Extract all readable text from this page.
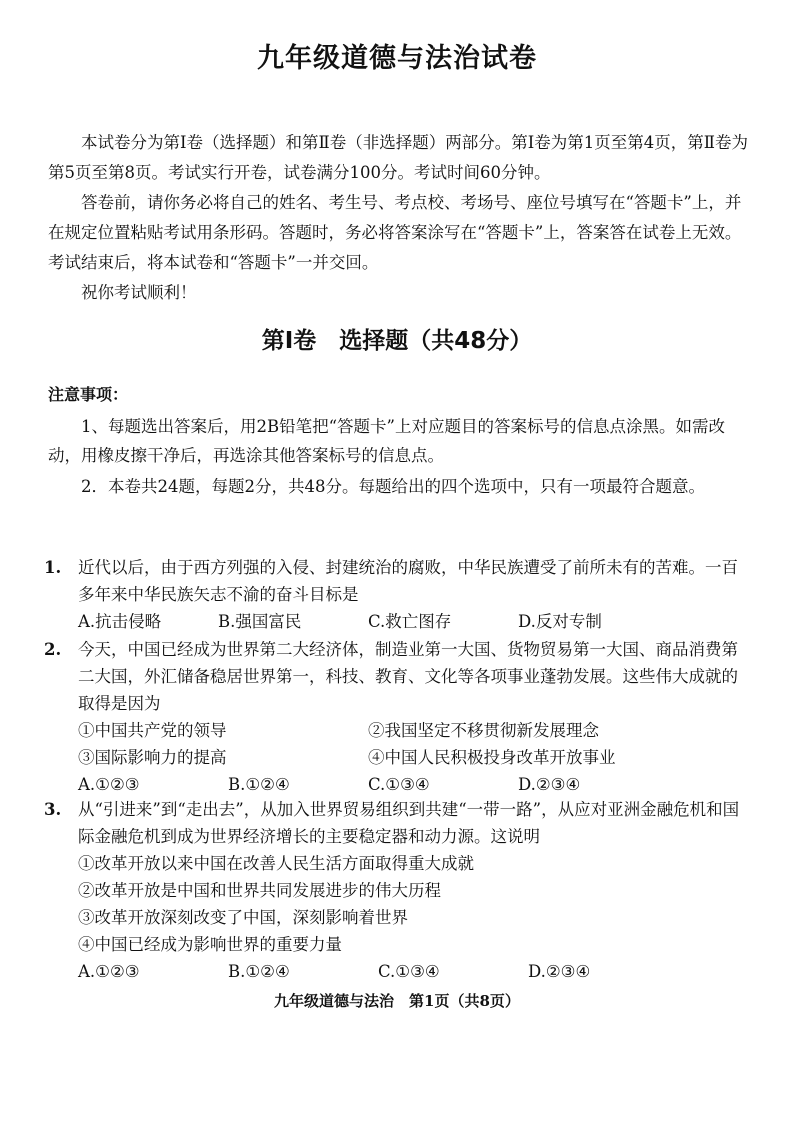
九年级道德与法治试卷
本试卷分为第Ⅰ卷（选择题）和第Ⅱ卷（非选择题）两部分。第Ⅰ卷为第1页至第4页，第Ⅱ卷为第5页至第8页。考试实行开卷，试卷满分100分。考试时间60分钟。
答卷前，请你务必将自己的姓名、考生号、考点校、考场号、座位号填写在“答题卡”上，并在规定位置粘贴考试用条形码。答题时，务必将答案涂写在“答题卡”上，答案答在试卷上无效。考试结束后，将本试卷和“答题卡”一并交回。
祝你考试顺利！
第Ⅰ卷　选择题（共48分）
注意事项：
1、每题选出答案后，用2B铅笔把“答题卡”上对应题目的答案标号的信息点涂黑。如需改动，用橡皮擦干净后，再选涂其他答案标号的信息点。
2．本卷共24题，每题2分，共48分。每题给出的四个选项中，只有一项最符合题意。
1.	近代以后，由于西方列强的入侵、封建统治的腐败，中华民族遭受了前所未有的苦难。一百多年来中华民族矢志不渝的奋斗目标是
A.抗击侵略	B.强国富民	C.救亡图存	D.反对专制
2.	今天，中国已经成为世界第二大经济体，制造业第一大国、货物贸易第一大国、商品消费第二大国，外汇储备稳居世界第一，科技、教育、文化等各项事业蓬勃发展。这些伟大成就的取得是因为
①中国共产党的领导	②我国坚定不移贯彻新发展理念
③国际影响力的提高	④中国人民积极投身改革开放事业
A.①②③	B.①②④	C.①③④	D.②③④
3.	从“引进来”到“走出去”，从加入世界贸易组织到共建“一带一路”，从应对亚洲金融危机和国际金融危机到成为世界经济增长的主要稳定器和动力源。这说明
①改革开放以来中国在改善人民生活方面取得重大成就
②改革开放是中国和世界共同发展进步的伟大历程
③改革开放深刻改变了中国，深刻影响着世界
④中国已经成为影响世界的重要力量
A.①②③	B.①②④	C.①③④	D.②③④
九年级道德与法治　第1页（共8页）
